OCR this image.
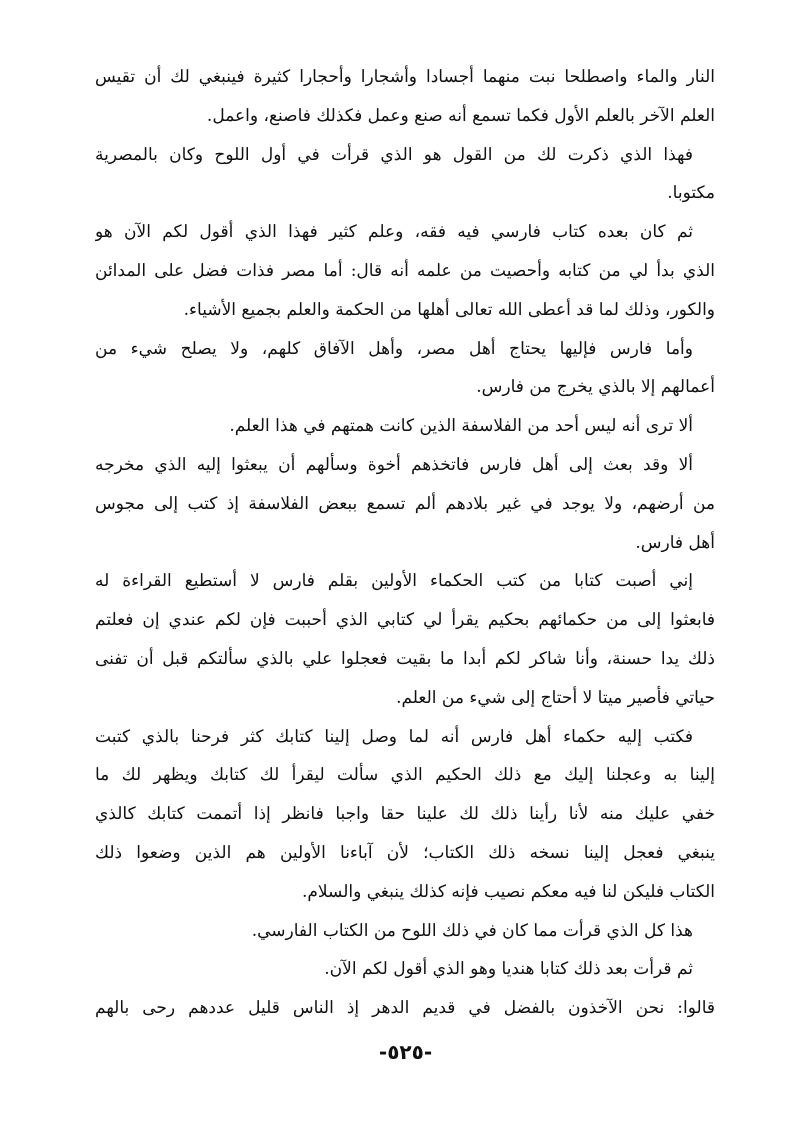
النار والماء واصطلحا نبت منهما أجسادا وأشجارا وأحجارا كثيرة فينبغي لك أن تقيس
العلم الآخر بالعلم الأول فكما تسمع أنه صنع وعمل فكذلك فاصنع، واعمل.
فهذا الذي ذكرت لك من القول هو الذي قرأت في أول اللوح وكان بالمصرية
مكتوبا.
ثم كان بعده كتاب فارسي فيه فقه، وعلم كثير فهذا الذي أقول لكم الآن هو
الذي بدأ لي من كتابه وأحصيت من علمه أنه قال: أما مصر فذات فضل على المدائن
والكور، وذلك لما قد أعطى الله تعالى أهلها من الحكمة والعلم بجميع الأشياء.
وأما فارس فإليها يحتاج أهل مصر، وأهل الآفاق كلهم، ولا يصلح شيء من
أعمالهم إلا بالذي يخرج من فارس.
ألا ترى أنه ليس أحد من الفلاسفة الذين كانت همتهم في هذا العلم.
ألا وقد بعث إلى أهل فارس فاتخذهم أخوة وسألهم أن يبعثوا إليه الذي مخرجه
من أرضهم، ولا يوجد في غير بلادهم ألم تسمع ببعض الفلاسفة إذ كتب إلى مجوس
أهل فارس.
إني أصبت كتابا من كتب الحكماء الأولين بقلم فارس لا أستطيع القراءة له
فابعثوا إلى من حكمائهم بحكيم يقرأ لي كتابي الذي أحببت فإن لكم عندي إن فعلتم
ذلك يدا حسنة، وأنا شاكر لكم أبدا ما بقيت فعجلوا علي بالذي سألتكم قبل أن تفنى
حياتي فأصير ميتا لا أحتاج إلى شيء من العلم.
فكتب إليه حكماء أهل فارس أنه لما وصل إلينا كتابك كثر فرحنا بالذي كتبت
إلينا به وعجلنا إليك مع ذلك الحكيم الذي سألت ليقرأ لك كتابك ويظهر لك ما
خفي عليك منه لأنا رأينا ذلك لك علينا حقا واجبا فانظر إذا أتممت كتابك كالذي
ينبغي فعجل إلينا نسخه ذلك الكتاب؛ لأن آباءنا الأولين هم الذين وضعوا ذلك
الكتاب فليكن لنا فيه معكم نصيب فإنه كذلك ينبغي والسلام.
هذا كل الذي قرأت مما كان في ذلك اللوح من الكتاب الفارسي.
ثم قرأت بعد ذلك كتابا هنديا وهو الذي أقول لكم الآن.
قالوا: نحن الآخذون بالفضل في قديم الدهر إذ الناس قليل عددهم رحى بالهم
-٥٢٥-
